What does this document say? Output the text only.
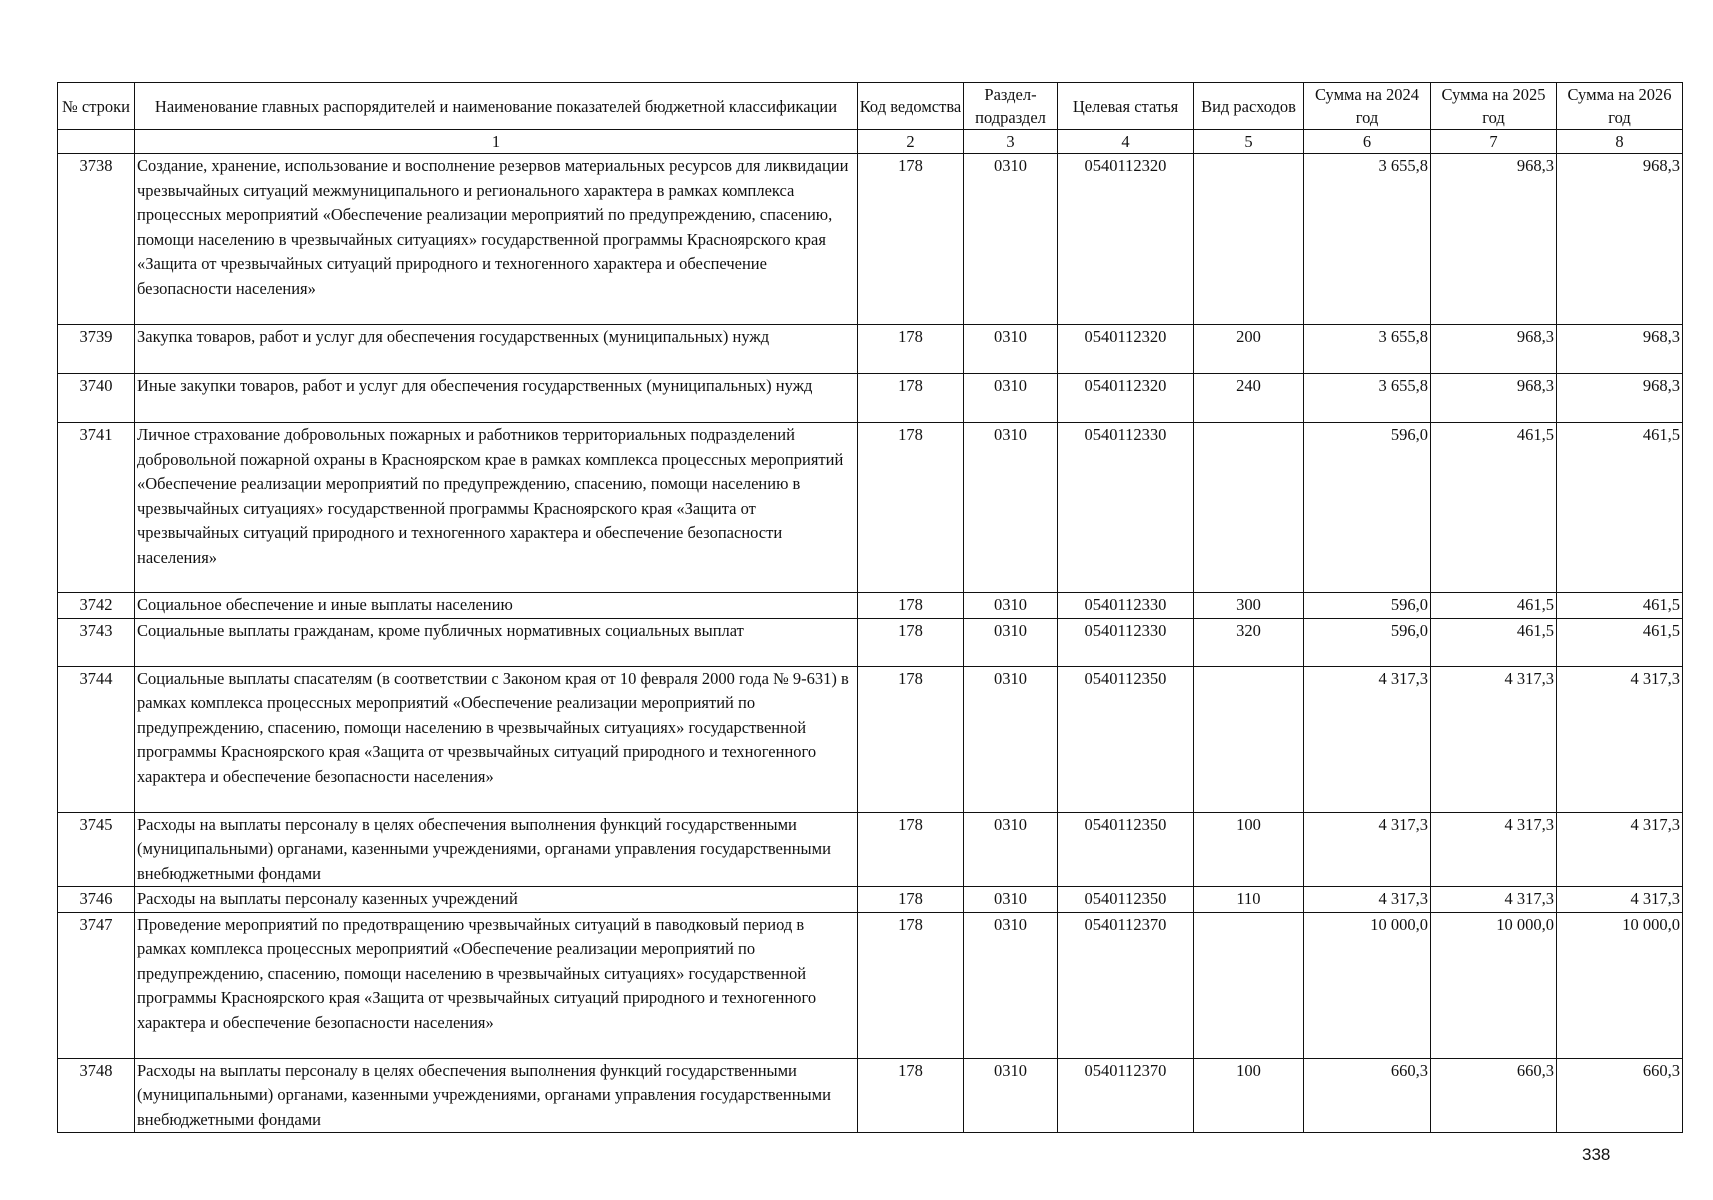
№ строки	Наименование главных распорядителей и наименование показателей бюджетной классификации	Код ведомства	Раздел-подраздел	Целевая статья	Вид расходов	Сумма на 2024 год	Сумма на 2025 год	Сумма на 2026 год
	1	2	3	4	5	6	7	8
3738	Создание, хранение, использование и восполнение резервов материальных ресурсов для ликвидации чрезвычайных ситуаций межмуниципального и регионального характера в рамках комплекса процессных мероприятий «Обеспечение реализации мероприятий по предупреждению, спасению, помощи населению в чрезвычайных ситуациях» государственной программы Красноярского края «Защита от чрезвычайных ситуаций природного и техногенного характера и обеспечение безопасности населения»	178	0310	0540112320		3 655,8	968,3	968,3
3739	Закупка товаров, работ и услуг для обеспечения государственных (муниципальных) нужд	178	0310	0540112320	200	3 655,8	968,3	968,3
3740	Иные закупки товаров, работ и услуг для обеспечения государственных (муниципальных) нужд	178	0310	0540112320	240	3 655,8	968,3	968,3
3741	Личное страхование добровольных пожарных и работников территориальных подразделений добровольной пожарной охраны в Красноярском крае в рамках комплекса процессных мероприятий «Обеспечение реализации мероприятий по предупреждению, спасению, помощи населению в чрезвычайных ситуациях» государственной программы Красноярского края «Защита от чрезвычайных ситуаций природного и техногенного характера и обеспечение безопасности населения»	178	0310	0540112330		596,0	461,5	461,5
3742	Социальное обеспечение и иные выплаты населению	178	0310	0540112330	300	596,0	461,5	461,5
3743	Социальные выплаты гражданам, кроме публичных нормативных социальных выплат	178	0310	0540112330	320	596,0	461,5	461,5
3744	Социальные выплаты спасателям (в соответствии с Законом края от 10 февраля 2000 года № 9-631) в рамках комплекса процессных мероприятий «Обеспечение реализации мероприятий по предупреждению, спасению, помощи населению в чрезвычайных ситуациях» государственной программы Красноярского края «Защита от чрезвычайных ситуаций природного и техногенного характера и обеспечение безопасности населения»	178	0310	0540112350		4 317,3	4 317,3	4 317,3
3745	Расходы на выплаты персоналу в целях обеспечения выполнения функций государственными (муниципальными) органами, казенными учреждениями, органами управления государственными внебюджетными фондами	178	0310	0540112350	100	4 317,3	4 317,3	4 317,3
3746	Расходы на выплаты персоналу казенных учреждений	178	0310	0540112350	110	4 317,3	4 317,3	4 317,3
3747	Проведение мероприятий по предотвращению чрезвычайных ситуаций в паводковый период в рамках комплекса процессных мероприятий «Обеспечение реализации мероприятий по предупреждению, спасению, помощи населению в чрезвычайных ситуациях» государственной программы Красноярского края «Защита от чрезвычайных ситуаций природного и техногенного характера и обеспечение безопасности населения»	178	0310	0540112370		10 000,0	10 000,0	10 000,0
3748	Расходы на выплаты персоналу в целях обеспечения выполнения функций государственными (муниципальными) органами, казенными учреждениями, органами управления государственными внебюджетными фондами	178	0310	0540112370	100	660,3	660,3	660,3
338
